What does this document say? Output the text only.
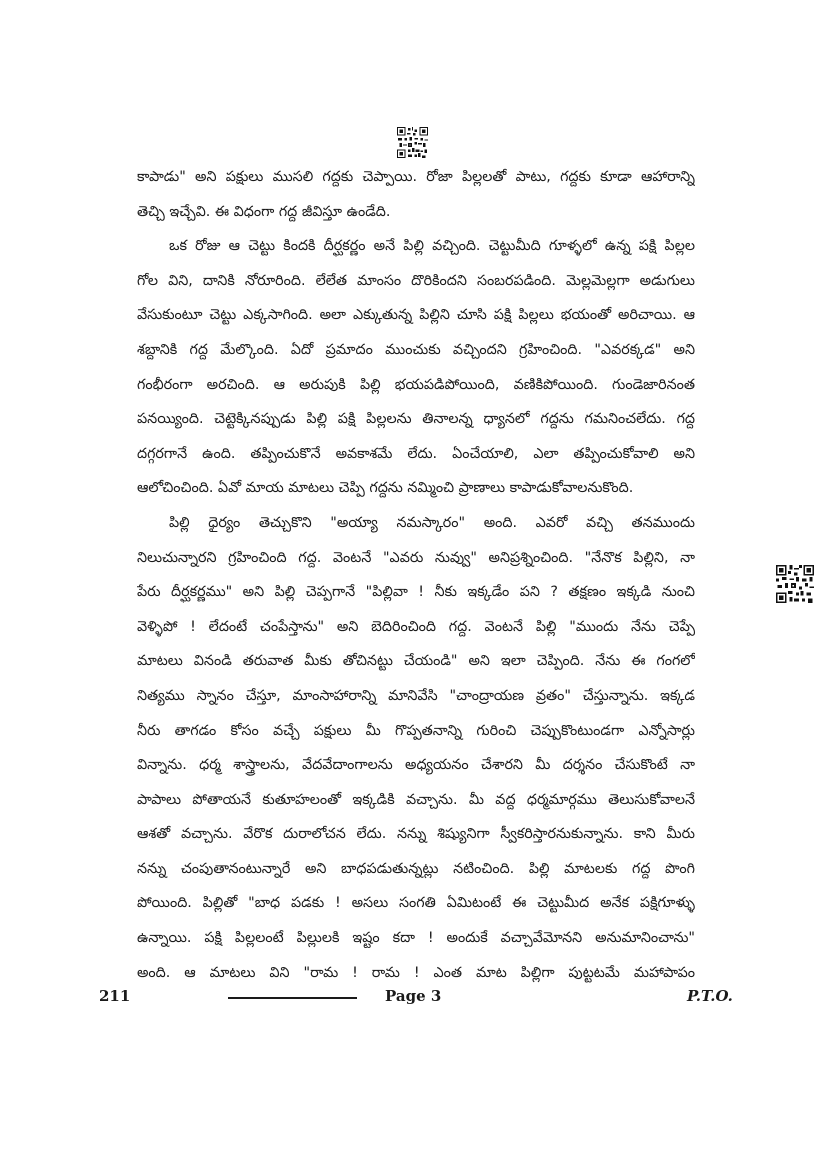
కాపాడు" అని పక్షులు ముసలి గద్దకు చెప్పాయి. రోజా పిల్లలతో పాటు, గద్దకు కూడా ఆహారాన్ని
తెచ్చి ఇచ్చేవి. ఈ విధంగా గద్ద జీవిస్తూ ఉండేది.
ఒక రోజు ఆ చెట్టు కిందకి దీర్ఘకర్ణం అనే పిల్లి వచ్చింది. చెట్టుమీది గూళ్ళలో ఉన్న పక్షి పిల్లల
గోల విని, దానికి నోరూరింది. లేలేత మాంసం దొరికిందని సంబరపడింది. మెల్లమెల్లగా అడుగులు
వేసుకుంటూ చెట్టు ఎక్కసాగింది. అలా ఎక్కుతున్న పిల్లిని చూసి పక్షి పిల్లలు భయంతో అరిచాయి. ఆ
శబ్దానికి గద్ద మేల్కొంది. ఏదో ప్రమాదం ముంచుకు వచ్చిందని గ్రహించింది. "ఎవరక్కడ" అని
గంభీరంగా అరచింది. ఆ అరుపుకి పిల్లి భయపడిపోయింది, వణికిపోయింది. గుండెజారినంత
పనయ్యింది. చెట్టెక్కినప్పుడు పిల్లి పక్షి పిల్లలను తినాలన్న ధ్యానలో గద్దను గమనించలేదు. గద్ద
దగ్గరగానే ఉంది. తప్పించుకొనే అవకాశమే లేదు. ఏంచేయాలి, ఎలా తప్పించుకోవాలి అని
ఆలోచించింది. ఏవో మాయ మాటలు చెప్పి గద్దను నమ్మించి ప్రాణాలు కాపాడుకోవాలనుకొంది.
పిల్లి ధైర్యం తెచ్చుకొని "అయ్యా నమస్కారం" అంది. ఎవరో వచ్చి తనముందు
నిలుచున్నారని గ్రహించింది గద్ద. వెంటనే "ఎవరు నువ్వు" అనిప్రశ్నించింది. "నేనొక పిల్లిని, నా
పేరు దీర్ఘకర్ణము" అని పిల్లి చెప్పగానే "పిల్లివా ! నీకు ఇక్కడేం పని ? తక్షణం ఇక్కడి నుంచి
వెళ్ళిపో ! లేదంటే చంపేస్తాను" అని బెదిరించింది గద్ద. వెంటనే పిల్లి "ముందు నేను చెప్పే
మాటలు వినండి తరువాత మీకు తోచినట్టు చేయండి" అని ఇలా చెప్పింది. నేను ఈ గంగలో
నిత్యము స్నానం చేస్తూ, మాంసాహారాన్ని మానివేసి "చాంద్రాయణ వ్రతం" చేస్తున్నాను. ఇక్కడ
నీరు తాగడం కోసం వచ్చే పక్షులు మీ గొప్పతనాన్ని గురించి చెప్పుకొంటుండగా ఎన్నోసార్లు
విన్నాను. ధర్మ శాస్త్రాలను, వేదవేదాంగాలను అధ్యయనం చేశారని మీ దర్శనం చేసుకొంటే నా
పాపాలు పోతాయనే కుతూహలంతో ఇక్కడికి వచ్చాను. మీ వద్ద ధర్మమార్గము తెలుసుకోవాలనే
ఆశతో వచ్చాను. వేరొక దురాలోచన లేదు. నన్ను శిష్యునిగా స్వీకరిస్తారనుకున్నాను. కాని మీరు
నన్ను చంపుతానంటున్నారే అని బాధపడుతున్నట్లు నటించింది. పిల్లి మాటలకు గద్ద పొంగి
పోయింది. పిల్లితో "బాధ పడకు ! అసలు సంగతి ఏమిటంటే ఈ చెట్టుమీద అనేక పక్షిగూళ్ళు
ఉన్నాయి. పక్షి పిల్లలంటే పిల్లులకి ఇష్టం కదా ! అందుకే వచ్చావేమోనని అనుమానించాను"
అంది. ఆ మాటలు విని "రామ ! రామ ! ఎంత మాట పిల్లిగా పుట్టటమే మహాపాపం
211	Page 3	P.T.O.
